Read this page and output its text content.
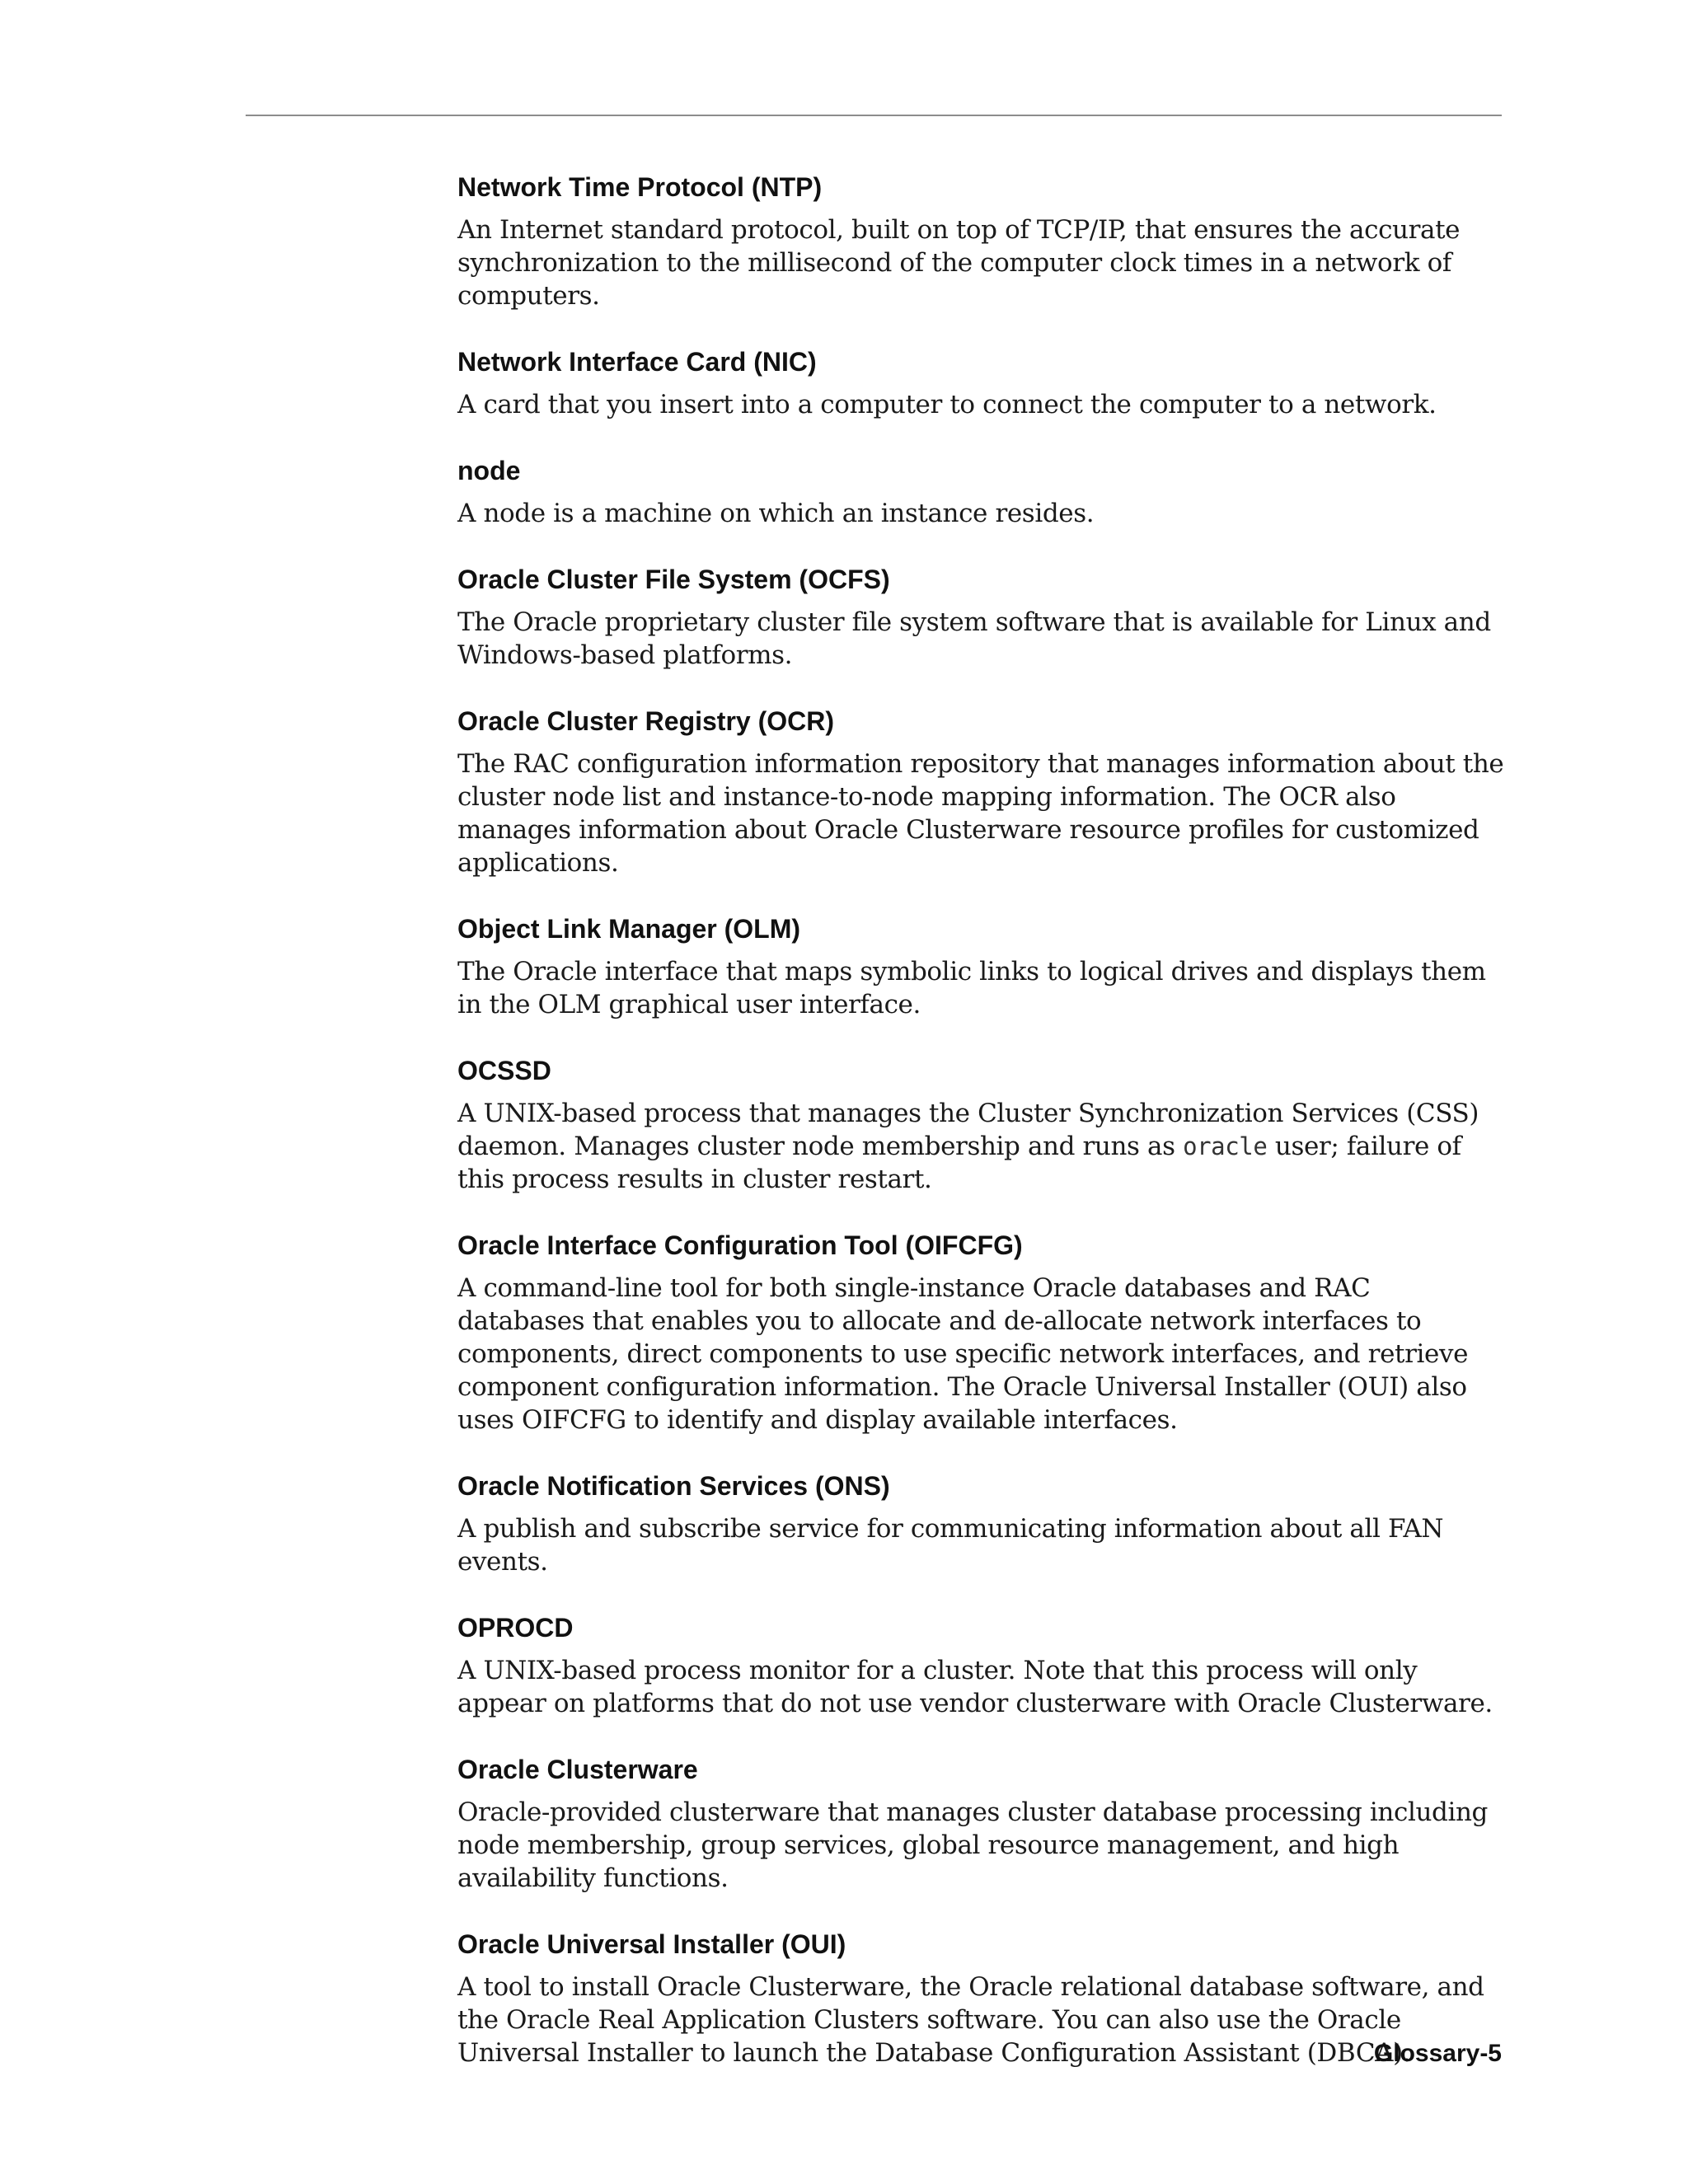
Network Time Protocol (NTP)

An Internet standard protocol, built on top of TCP/IP, that ensures the accurate synchronization to the millisecond of the computer clock times in a network of computers.

Network Interface Card (NIC)

A card that you insert into a computer to connect the computer to a network.

node

A node is a machine on which an instance resides.

Oracle Cluster File System (OCFS)

The Oracle proprietary cluster file system software that is available for Linux and Windows-based platforms.

Oracle Cluster Registry (OCR)

The RAC configuration information repository that manages information about the cluster node list and instance-to-node mapping information. The OCR also manages information about Oracle Clusterware resource profiles for customized applications.

Object Link Manager (OLM)

The Oracle interface that maps symbolic links to logical drives and displays them in the OLM graphical user interface.

OCSSD

A UNIX-based process that manages the Cluster Synchronization Services (CSS) daemon. Manages cluster node membership and runs as oracle user; failure of this process results in cluster restart.

Oracle Interface Configuration Tool (OIFCFG)

A command-line tool for both single-instance Oracle databases and RAC databases that enables you to allocate and de-allocate network interfaces to components, direct components to use specific network interfaces, and retrieve component configuration information. The Oracle Universal Installer (OUI) also uses OIFCFG to identify and display available interfaces.

Oracle Notification Services (ONS)

A publish and subscribe service for communicating information about all FAN events.

OPROCD

A UNIX-based process monitor for a cluster. Note that this process will only appear on platforms that do not use vendor clusterware with Oracle Clusterware.

Oracle Clusterware

Oracle-provided clusterware that manages cluster database processing including node membership, group services, global resource management, and high availability functions.

Oracle Universal Installer (OUI)

A tool to install Oracle Clusterware, the Oracle relational database software, and the Oracle Real Application Clusters software. You can also use the Oracle Universal Installer to launch the Database Configuration Assistant (DBCA).

Glossary-5
